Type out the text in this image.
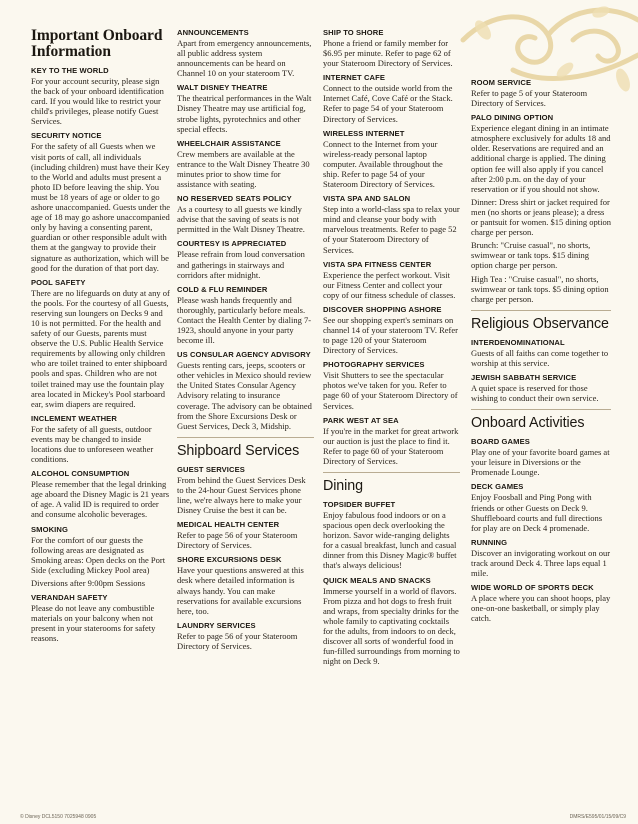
Important Onboard Information
KEY TO THE WORLD
For your account security, please sign the back of your onboard identification card. If you would like to restrict your child's privileges, please notify Guest Services.
SECURITY NOTICE
For the safety of all Guests when we visit ports of call, all individuals (including children) must have their Key to the World and adults must present a photo ID before leaving the ship. You must be 18 years of age or older to go ashore unaccompanied. Guests under the age of 18 may go ashore unaccompanied only by having a consenting parent, guardian or other responsible adult with them at the gangway to provide their signature as authorization, which will be good for the duration of that port day.
POOL SAFETY
There are no lifeguards on duty at any of the pools. For the courtesy of all Guests, reserving sun loungers on Decks 9 and 10 is not permitted. For the health and safety of our Guests, parents must observe the U.S. Public Health Service requirements by allowing only children who are toilet trained to enter shipboard pools and spas. Children who are not toilet trained may use the fountain play area located in Mickey's Pool starboard ear, swim diapers are required.
INCLEMENT WEATHER
For the safety of all guests, outdoor events may be changed to inside locations due to unforeseen weather conditions.
ALCOHOL CONSUMPTION
Please remember that the legal drinking age aboard the Disney Magic is 21 years of age. A valid ID is required to order and consume alcoholic beverages.
SMOKING
For the comfort of our guests the following areas are designated as Smoking areas: Open decks on the Port Side (excluding Mickey Pool area)
Diversions after 9:00pm Sessions
VERANDAH SAFETY
Please do not leave any combustible materials on your balcony when not present in your staterooms for safety reasons.
ANNOUNCEMENTS
Apart from emergency announcements, all public address system announcements can be heard on Channel 10 on your stateroom TV.
WALT DISNEY THEATRE
The theatrical performances in the Walt Disney Theatre may use artificial fog, strobe lights, pyrotechnics and other special effects.
WHEELCHAIR ASSISTANCE
Crew members are available at the entrance to the Walt Disney Theatre 30 minutes prior to show time for assistance with seating.
NO RESERVED SEATS POLICY
As a courtesy to all guests we kindly advise that the saving of seats is not permitted in the Walt Disney Theatre.
COURTESY IS APPRECIATED
Please refrain from loud conversation and gatherings in stairways and corridors after midnight.
COLD & FLU REMINDER
Please wash hands frequently and thoroughly, particularly before meals. Contact the Health Center by dialing 7-1923, should anyone in your party become ill.
US CONSULAR AGENCY ADVISORY
Guests renting cars, jeeps, scooters or other vehicles in Mexico should review the United States Consular Agency Advisory relating to insurance coverage. The advisory can be obtained from the Shore Excursions Desk or Guest Services, Deck 3, Midship.
Shipboard Services
GUEST SERVICES
From behind the Guest Services Desk to the 24-hour Guest Services phone line, we're always here to make your Disney Cruise the best it can be.
MEDICAL HEALTH CENTER
Refer to page 56 of your Stateroom Directory of Services.
SHORE EXCURSIONS DESK
Have your questions answered at this desk where detailed information is always handy. You can make reservations for available excursions here, too.
LAUNDRY SERVICES
Refer to page 56 of your Stateroom Directory of Services.
SHIP TO SHORE
Phone a friend or family member for $6.95 per minute. Refer to page 62 of your Stateroom Directory of Services.
INTERNET CAFE
Connect to the outside world from the Internet Café, Cove Café or the Stack. Refer to page 54 of your Stateroom Directory of Services.
WIRELESS INTERNET
Connect to the Internet from your wireless-ready personal laptop computer. Available throughout the ship. Refer to page 54 of your Stateroom Directory of Services.
VISTA SPA AND SALON
Step into a world-class spa to relax your mind and cleanse your body with marvelous treatments. Refer to page 52 of your Stateroom Directory of Services.
VISTA SPA FITNESS CENTER
Experience the perfect workout. Visit our Fitness Center and collect your copy of our fitness schedule of classes.
DISCOVER SHOPPING ASHORE
See our shopping expert's seminars on channel 14 of your stateroom TV. Refer to page 120 of your Stateroom Directory of Services.
PHOTOGRAPHY SERVICES
Visit Shutters to see the spectacular photos we've taken for you. Refer to page 60 of your Stateroom Directory of Services.
PARK WEST AT SEA
If you're in the market for great artwork our auction is just the place to find it. Refer to page 60 of your Stateroom Directory of Services.
Dining
TOPSIDER BUFFET
Enjoy fabulous food indoors or on a spacious open deck overlooking the horizon. Savor wide-ranging delights for a casual breakfast, lunch and casual dinner from this Disney Magic® buffet that's always delicious!
QUICK MEALS AND SNACKS
Immerse yourself in a world of flavors. From pizza and hot dogs to fresh fruit and wraps, from specialty drinks for the whole family to captivating cocktails for the adults, from indoors to on deck, discover all sorts of wonderful food in fun-filled surroundings from morning to night on Deck 9.
ROOM SERVICE
Refer to page 5 of your Stateroom Directory of Services.
PALO DINING OPTION
Experience elegant dining in an intimate atmosphere exclusively for adults 18 and older. Reservations are required and an additional charge is applied. The dining option fee will also apply if you cancel after 2:00 p.m. on the day of your reservation or if you should not show.
Dinner: Dress shirt or jacket required for men (no shorts or jeans please); a dress or pantsuit for women. $15 dining option charge per person.
Brunch: "Cruise casual", no shorts, swimwear or tank tops. $15 dining option charge per person.
High Tea : "Cruise casual", no shorts, swimwear or tank tops. $5 dining option charge per person.
Religious Observance
INTERDENOMINATIONAL
Guests of all faiths can come together to worship at this service.
JEWISH SABBATH SERVICE
A quiet space is reserved for those wishing to conduct their own service.
Onboard Activities
BOARD GAMES
Play one of your favorite board games at your leisure in Diversions or the Promenade Lounge.
DECK GAMES
Enjoy Foosball and Ping Pong with friends or other Guests on Deck 9. Shuffleboard courts and full directions for play are on Deck 4 promenade.
RUNNING
Discover an invigorating workout on our track around Deck 4. Three laps equal 1 mile.
WIDE WORLD OF SPORTS DECK
A place where you can shoot hoops, play one-on-one basketball, or simply play catch.
© Disney DCL5150 7025948 0905	DMRS/E595/01/15/09/C9
